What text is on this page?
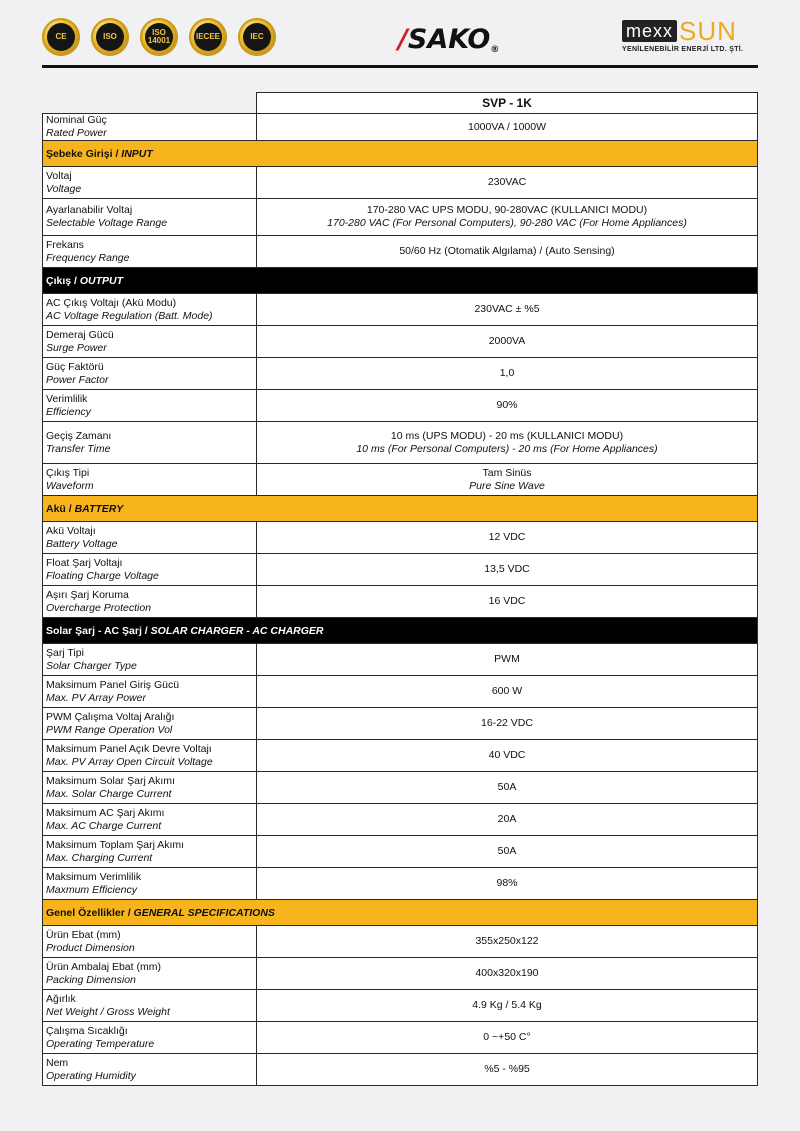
CE	ISO	ISO 14001	IECEE	IEC	/SAKO®
mexx SUN
YENİLENEBİLİR ENERJİ LTD. ŞTİ.
	SVP - 1K

Nominal Güç
Rated Power	1000VA / 1000W

Şebeke Girişi / INPUT	

Voltaj
Voltage	230VAC

Ayarlanabilir Voltaj
Selectable Voltage Range	170-280 VAC UPS MODU, 90-280VAC (KULLANICI MODU)
170-280 VAC (For Personal Computers), 90-280 VAC (For Home Appliances)

Frekans
Frequency Range	50/60 Hz (Otomatik Algılama) / (Auto Sensing)

Çıkış / OUTPUT	

AC Çıkış Voltajı (Akü Modu)
AC Voltage Regulation (Batt. Mode)	230VAC ± %5

Demeraj Gücü
Surge Power	2000VA

Güç Faktörü
Power Factor	1,0

Verimlilik
Efficiency	90%

Geçiş Zamanı
Transfer Time	10 ms (UPS MODU) - 20 ms (KULLANICI MODU)
10 ms (For Personal Computers) - 20 ms (For Home Appliances)

Çıkış Tipi
Waveform	Tam Sinüs
Pure Sine Wave

Akü / BATTERY	

Akü Voltajı
Battery Voltage	12 VDC

Float Şarj Voltajı
Floating Charge Voltage	13,5 VDC

Aşırı Şarj Koruma
Overcharge Protection	16 VDC

Solar Şarj - AC Şarj / SOLAR CHARGER - AC CHARGER	

Şarj Tipi
Solar Charger Type	PWM

Maksimum Panel Giriş Gücü
Max. PV Array Power	600 W

PWM Çalışma Voltaj Aralığı
PWM Range Operation Vol	16-22 VDC

Maksimum Panel Açık Devre Voltajı
Max. PV Array Open Circuit Voltage	40 VDC

Maksimum Solar Şarj Akımı
Max. Solar Charge Current	50A

Maksimum AC Şarj Akımı
Max. AC Charge Current	20A

Maksimum Toplam Şarj Akımı
Max. Charging Current	50A

Maksimum Verimlilik
Maxmum Efficiency	98%

Genel Özellikler / GENERAL SPECIFICATIONS	

Ürün Ebat (mm)
Product Dimension	355x250x122

Ürün Ambalaj Ebat (mm)
Packing Dimension	400x320x190

Ağırlık
Net Weight / Gross Weight	4.9 Kg / 5.4 Kg

Çalışma Sıcaklığı
Operating Temperature	0 ~+50 C°

Nem
Operating Humidity	%5 - %95
